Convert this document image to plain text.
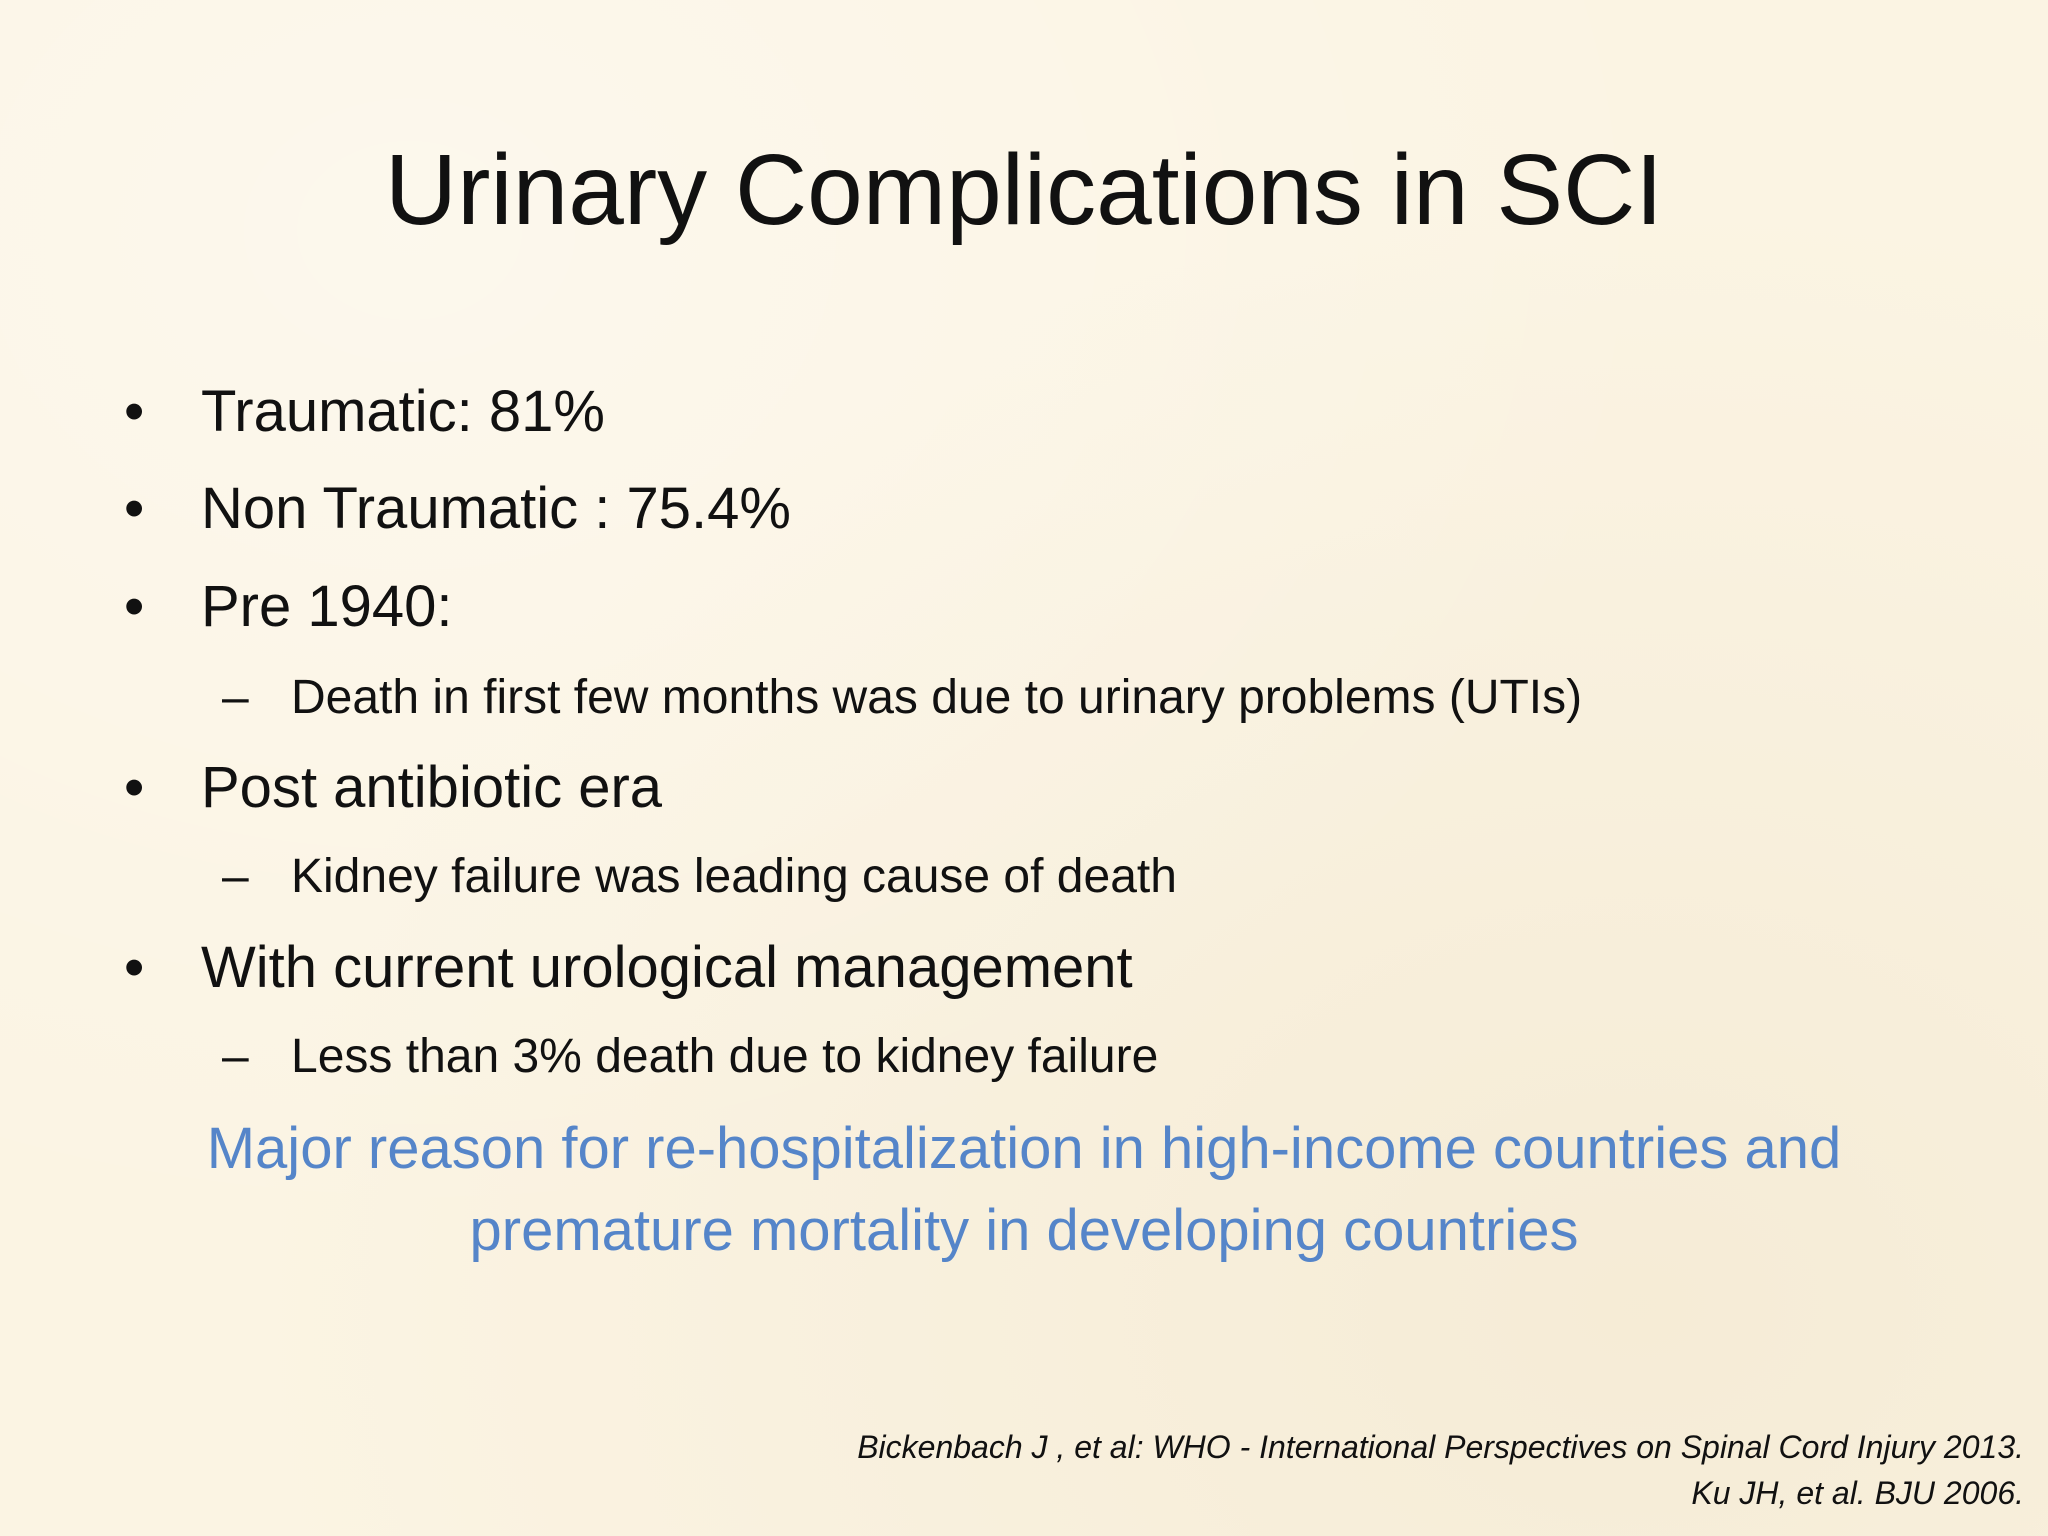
Urinary Complications in SCI
• Traumatic: 81%
• Non Traumatic : 75.4%
• Pre 1940:
– Death in first few months was due to urinary problems (UTIs)
• Post antibiotic era
– Kidney failure was leading cause of death
• With current urological management
– Less than 3% death due to kidney failure
Major reason for re-hospitalization in high-income countries and
premature mortality in developing countries
Bickenbach J , et al: WHO - International Perspectives on Spinal Cord Injury 2013.
Ku JH, et al. BJU 2006.
